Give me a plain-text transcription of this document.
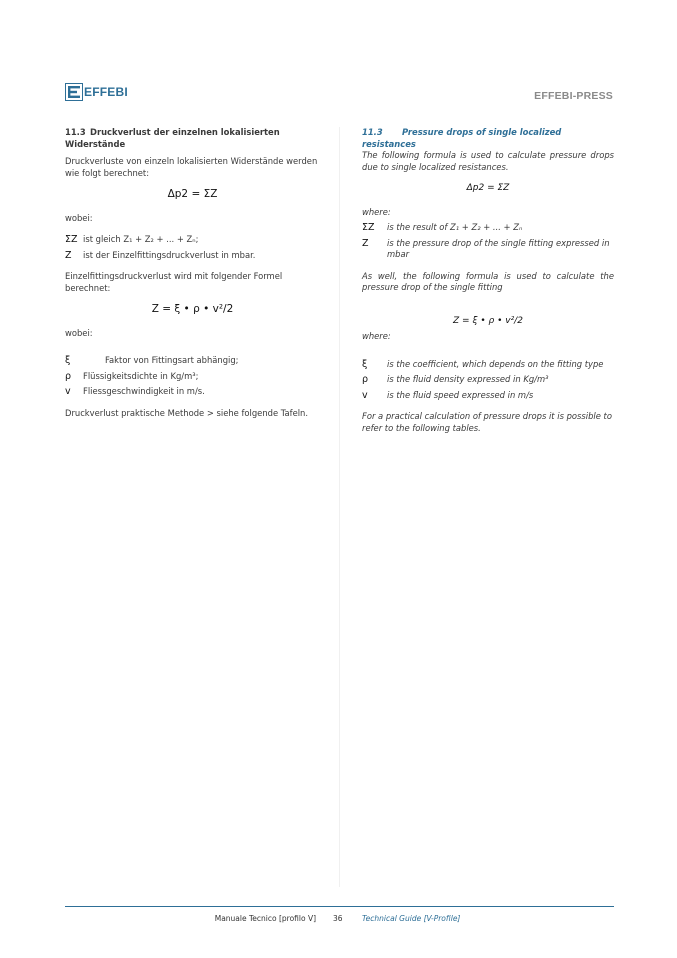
EFFEBI	EFFEBI-PRESS
11.3 Druckverlust der einzelnen lokalisierten Widerstände

Druckverluste von einzeln lokalisierten Widerstände werden wie folgt berechnet:

Δp2 = ΣZ

wobei:

ΣZ ist gleich Z₁ + Z₂ + ... + Zₙ;
Z	ist der Einzelfittingsdruckverlust in mbar.

Einzelfittingsdruckverlust wird mit folgender Formel berechnet:

Z = ξ • ρ • v²/2

wobei:

ξ	Faktor von Fittingsart abhängig;
ρ	Flüssigkeitsdichte in Kg/m³;
v	Fliessgeschwindigkeit in m/s.

Druckverlust praktische Methode > siehe folgende Tafeln.

11.3 Pressure drops of single localized resistances

The following formula is used to calculate pressure drops due to single localized resistances.

Δp2 = ΣZ

where:

ΣZ	is the result of Z₁ + Z₂ + ... + Zₙ
Z	is the pressure drop of the single fitting expressed in mbar

As well, the following formula is used to calculate the pressure drop of the single fitting

Z = ξ • ρ • v²/2

where:

ξ	is the coefficient, which depends on the fitting type
ρ	is the fluid density expressed in Kg/m³
v	is the fluid speed expressed in m/s

For a practical calculation of pressure drops it is possible to refer to the following tables.

Manuale Tecnico [profilo V] 36	Technical Guide [V-Profile]
